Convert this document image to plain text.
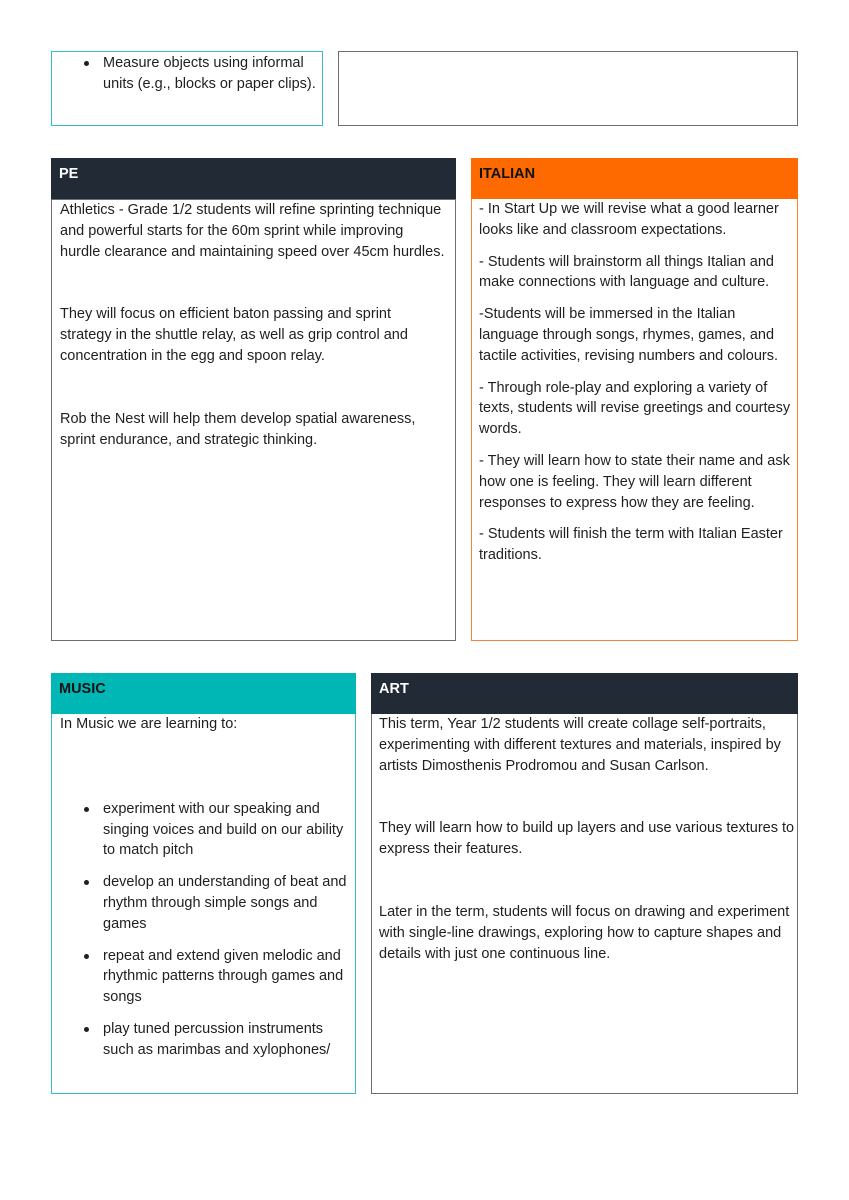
Measure objects using informal units (e.g., blocks or paper clips).
PE

Athletics - Grade 1/2 students will refine sprinting technique and powerful starts for the 60m sprint while improving hurdle clearance and maintaining speed over 45cm hurdles.

They will focus on efficient baton passing and sprint strategy in the shuttle relay, as well as grip control and concentration in the egg and spoon relay.

Rob the Nest will help them develop spatial awareness, sprint endurance, and strategic thinking.

ITALIAN

- In Start Up we will revise what a good learner looks like and classroom expectations.

- Students will brainstorm all things Italian and make connections with language and culture.

-Students will be immersed in the Italian language through songs, rhymes, games, and tactile activities, revising numbers and colours.

- Through role-play and exploring a variety of texts, students will revise greetings and courtesy words.

- They will learn how to state their name and ask how one is feeling. They will learn different responses to express how they are feeling.

- Students will finish the term with Italian Easter traditions.

MUSIC

In Music we are learning to:

experiment with our speaking and singing voices and build on our ability to match pitch
develop an understanding of beat and rhythm through simple songs and games
repeat and extend given melodic and rhythmic patterns through games and songs
play tuned percussion instruments such as marimbas and xylophones/
ART

This term, Year 1/2 students will create collage self-portraits, experimenting with different textures and materials, inspired by artists Dimosthenis Prodromou and Susan Carlson.

They will learn how to build up layers and use various textures to express their features.

Later in the term, students will focus on drawing and experiment with single-line drawings, exploring how to capture shapes and details with just one continuous line.
